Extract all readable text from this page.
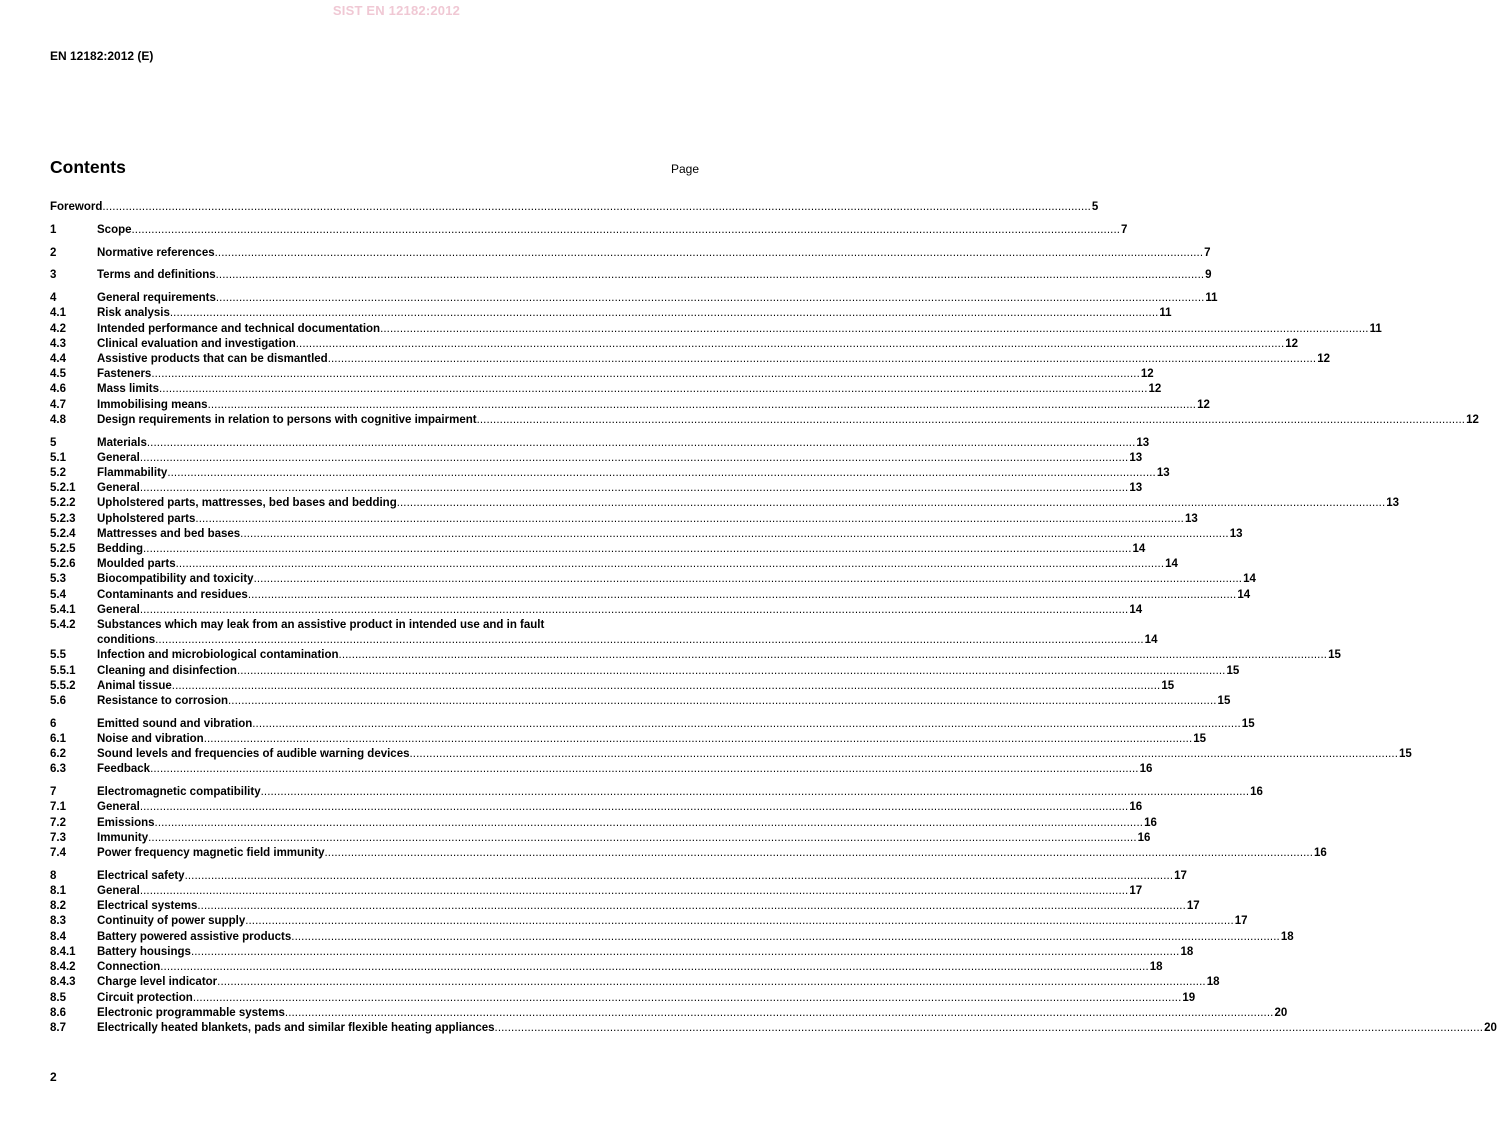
SIST EN 12182:2012
EN 12182:2012 (E)
Contents	Page
Foreword .....	5
1	Scope .....	7
2	Normative references .....	7
3	Terms and definitions .....	9
4	General requirements .....	11
4.1	Risk analysis .....	11
4.2	Intended performance and technical documentation .....	11
4.3	Clinical evaluation and investigation .....	12
4.4	Assistive products that can be dismantled .....	12
4.5	Fasteners .....	12
4.6	Mass limits .....	12
4.7	Immobilising means .....	12
4.8	Design requirements in relation to persons with cognitive impairment .....	12
5	Materials .....	13
5.1	General .....	13
5.2	Flammability .....	13
5.2.1 General .....	13
5.2.2 Upholstered parts, mattresses, bed bases and bedding .....	13
5.2.3 Upholstered parts .....	13
5.2.4 Mattresses and bed bases .....	13
5.2.5 Bedding .....	14
5.2.6 Moulded parts .....	14
5.3	Biocompatibility and toxicity .....	14
5.4	Contaminants and residues .....	14
5.4.1 General .....	14
5.4.2 Substances which may leak from an assistive product in intended use and in fault
conditions .....	14
5.5	Infection and microbiological contamination .....	15
5.5.1 Cleaning and disinfection .....	15
5.5.2 Animal tissue .....	15
5.6	Resistance to corrosion .....	15
6	Emitted sound and vibration .....	15
6.1	Noise and vibration .....	15
6.2	Sound levels and frequencies of audible warning devices .....	15
6.3	Feedback .....	16
7	Electromagnetic compatibility .....	16
7.1	General .....	16
7.2	Emissions .....	16
7.3	Immunity .....	16
7.4	Power frequency magnetic field immunity .....	16
8	Electrical safety .....	17
8.1	General .....	17
8.2	Electrical systems .....	17
8.3	Continuity of power supply .....	17
8.4	Battery powered assistive products .....	18
8.4.1 Battery housings .....	18
8.4.2 Connection .....	18
8.4.3 Charge level indicator .....	18
8.5	Circuit protection .....	19
8.6	Electronic programmable systems .....	20
8.7	Electrically heated blankets, pads and similar flexible heating appliances .....	20
2
